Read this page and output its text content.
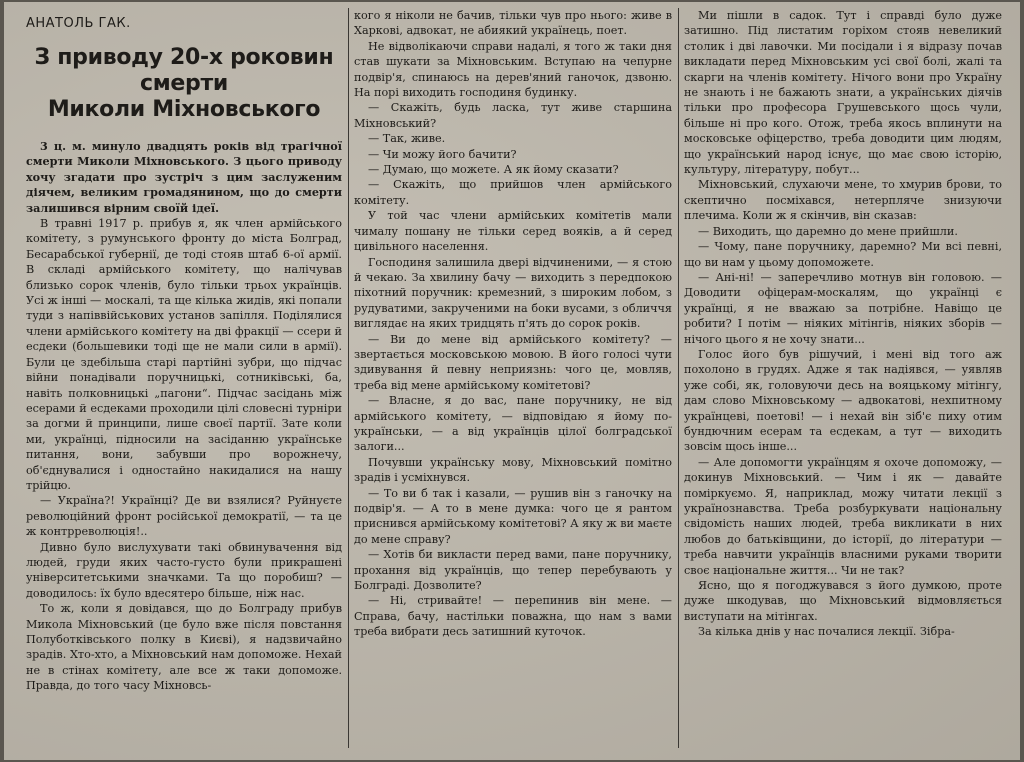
АНАТОЛЬ ГАК.
З приводу 20-х роковин смерти
Миколи Міхновського

3 ц. м. минуло двадцять років від трагічної смерти Миколи Міхновського. З цього приводу хочу згадати про зустріч з цим заслуженим діячем, великим громадянином, що до смерти залишився вірним своїй ідеї.

В травні 1917 р. прибув я, як член армійського комітету, з румунського фронту до міста Болград, Бесарабської губернії, де тоді стояв штаб 6-ої армії. В складі армійського комітету, що налічував близько сорок членів, було тільки трьох українців. Усі ж інші — москалі, та ще кілька жидів, які попали туди з напіввійськових установ запілля. Поділялися члени армійського комітету на дві фракції — ссери й есдеки (большевики тоді ще не мали сили в армії). Були це здебільша старі партійні зубри, що підчас війни понадівали поручницькі, сотниківські, ба, навіть полковницькі „пагони“. Підчас засідань між есерами й есдеками проходили цілі словесні турніри за догми й принципи, лише своєї партії. Зате коли ми, українці, підносили на засіданню українське питання, вони, забувши про ворожнечу, об'єднувалися і одностайно накидалися на нашу трійцю.

— Україна?! Українці? Де ви взялися? Руйнуєте революційний фронт російської демократії, — та це ж контрреволюція!..

Дивно було вислухувати такі обвинувачення від людей, груди яких часто-густо були прикрашені університетськими значками. Та що поробиш? — доводилось: їх було вдесятеро більше, ніж нас.

То ж, коли я довідався, що до Болграду прибув Микола Міхновський (це було вже після повстання Полуботківського полку в Києві), я надзвичайно зрадів. Хто-хто, а Міхновський нам допоможе. Нехай не в стінах комітету, але все ж таки допоможе. Правда, до того часу Міхновсь-

кого я ніколи не бачив, тільки чув про нього: живе в Харкові, адвокат, не абиякий українець, поет.

Не відволікаючи справи надалі, я того ж таки дня став шукати за Міхновським. Вступаю на чепурне подвір'я, спинаюсь на дерев'яний ганочок, дзвоню. На порі виходить господиня будинку.

— Скажіть, будь ласка, тут живе старшина Міхновський?

— Так, живе.

— Чи можу його бачити?

— Думаю, що можете. А як йому сказати?

— Скажіть, що прийшов член армійського комітету.

У той час члени армійських комітетів мали чималу пошану не тільки серед вояків, а й серед цивільного населення.

Господиня залишила двері відчиненими, — я стою й чекаю. За хвилину бачу — виходить з передпокою піхотний поручник: кремезний, з широким лобом, з рудуватими, закрученими на боки вусами, з обличчя виглядає на яких тридцять п'ять до сорок років.

— Ви до мене від армійського комітету? — звертається московською мовою. В його голосі чути здивування й певну неприязнь: чого це, мовляв, треба від мене армійському комітетові?

— Власне, я до вас, пане поручнику, не від армійського комітету, — відповідаю я йому по-українськи, — а від українців цілої болградської залоги...

Почувши українську мову, Міхновський помітно зрадів і усміхнувся.

— То ви б так і казали, — рушив він з ганочку на подвір'я. — А то в мене думка: чого це я рантом приснився армійському комітетові? А яку ж ви маєте до мене справу?

— Хотів би викласти перед вами, пане поручнику, прохання від українців, що тепер перебувають у Болграді. Дозволите?

— Ні, стривайте! — перепинив він мене. — Справа, бачу, настільки поважна, що нам з вами треба вибрати десь затишний куточок.

Ми пішли в садок. Тут і справді було дуже затишно. Під листатим горіхом стояв невеликий столик і дві лавочки. Ми посідали і я відразу почав викладати перед Міхновським усі свої болі, жалі та скарги на членів комітету. Нічого вони про Україну не знають і не бажають знати, а українських діячів тільки про професора Грушевського щось чули, більше ні про кого. Отож, треба якось вплинути на московське офіцерство, треба доводити цим людям, що український народ існує, що має свою історію, культуру, літературу, побут...

Міхновський, слухаючи мене, то хмурив брови, то скептично посміхався, нетерпляче знизуючи плечима. Коли ж я скінчив, він сказав:

— Виходить, що даремно до мене прийшли.

— Чому, пане поручнику, даремно? Ми всі певні, що ви нам у цьому допоможете.

— Ані-ні! — заперечливо мотнув він головою. — Доводити офіцерам-москалям, що українці є українці, я не вважаю за потрібне. Навіщо це робити? І потім — ніяких мітінгів, ніяких зборів — нічого цього я не хочу знати...

Голос його був рішучий, і мені від того аж похолоно в грудях. Адже я так надіявся, — уявляв уже собі, як, головуючи десь на вояцькому мітінгу, дам слово Міхновському — адвокатові, нехпитному українцеві, поетові! — і нехай він зіб'є пиху отим бундючним есерам та есдекам, а тут — виходить зовсім щось інше...

— Але допомогти українцям я охоче допоможу, — докинув Міхновський. — Чим і як — давайте поміркуємо. Я, наприклад, можу читати лекції з українознавства. Треба розбуркувати національну свідомість наших людей, треба викликати в них любов до батьківщини, до історії, до літератури — треба навчити українців власними руками творити своє національне життя... Чи не так?

Ясно, що я погоджувався з його думкою, проте дуже шкодував, що Міхновський відмовляється виступати на мітінгах.

За кілька днів у нас почалися лекції. Зібра-
